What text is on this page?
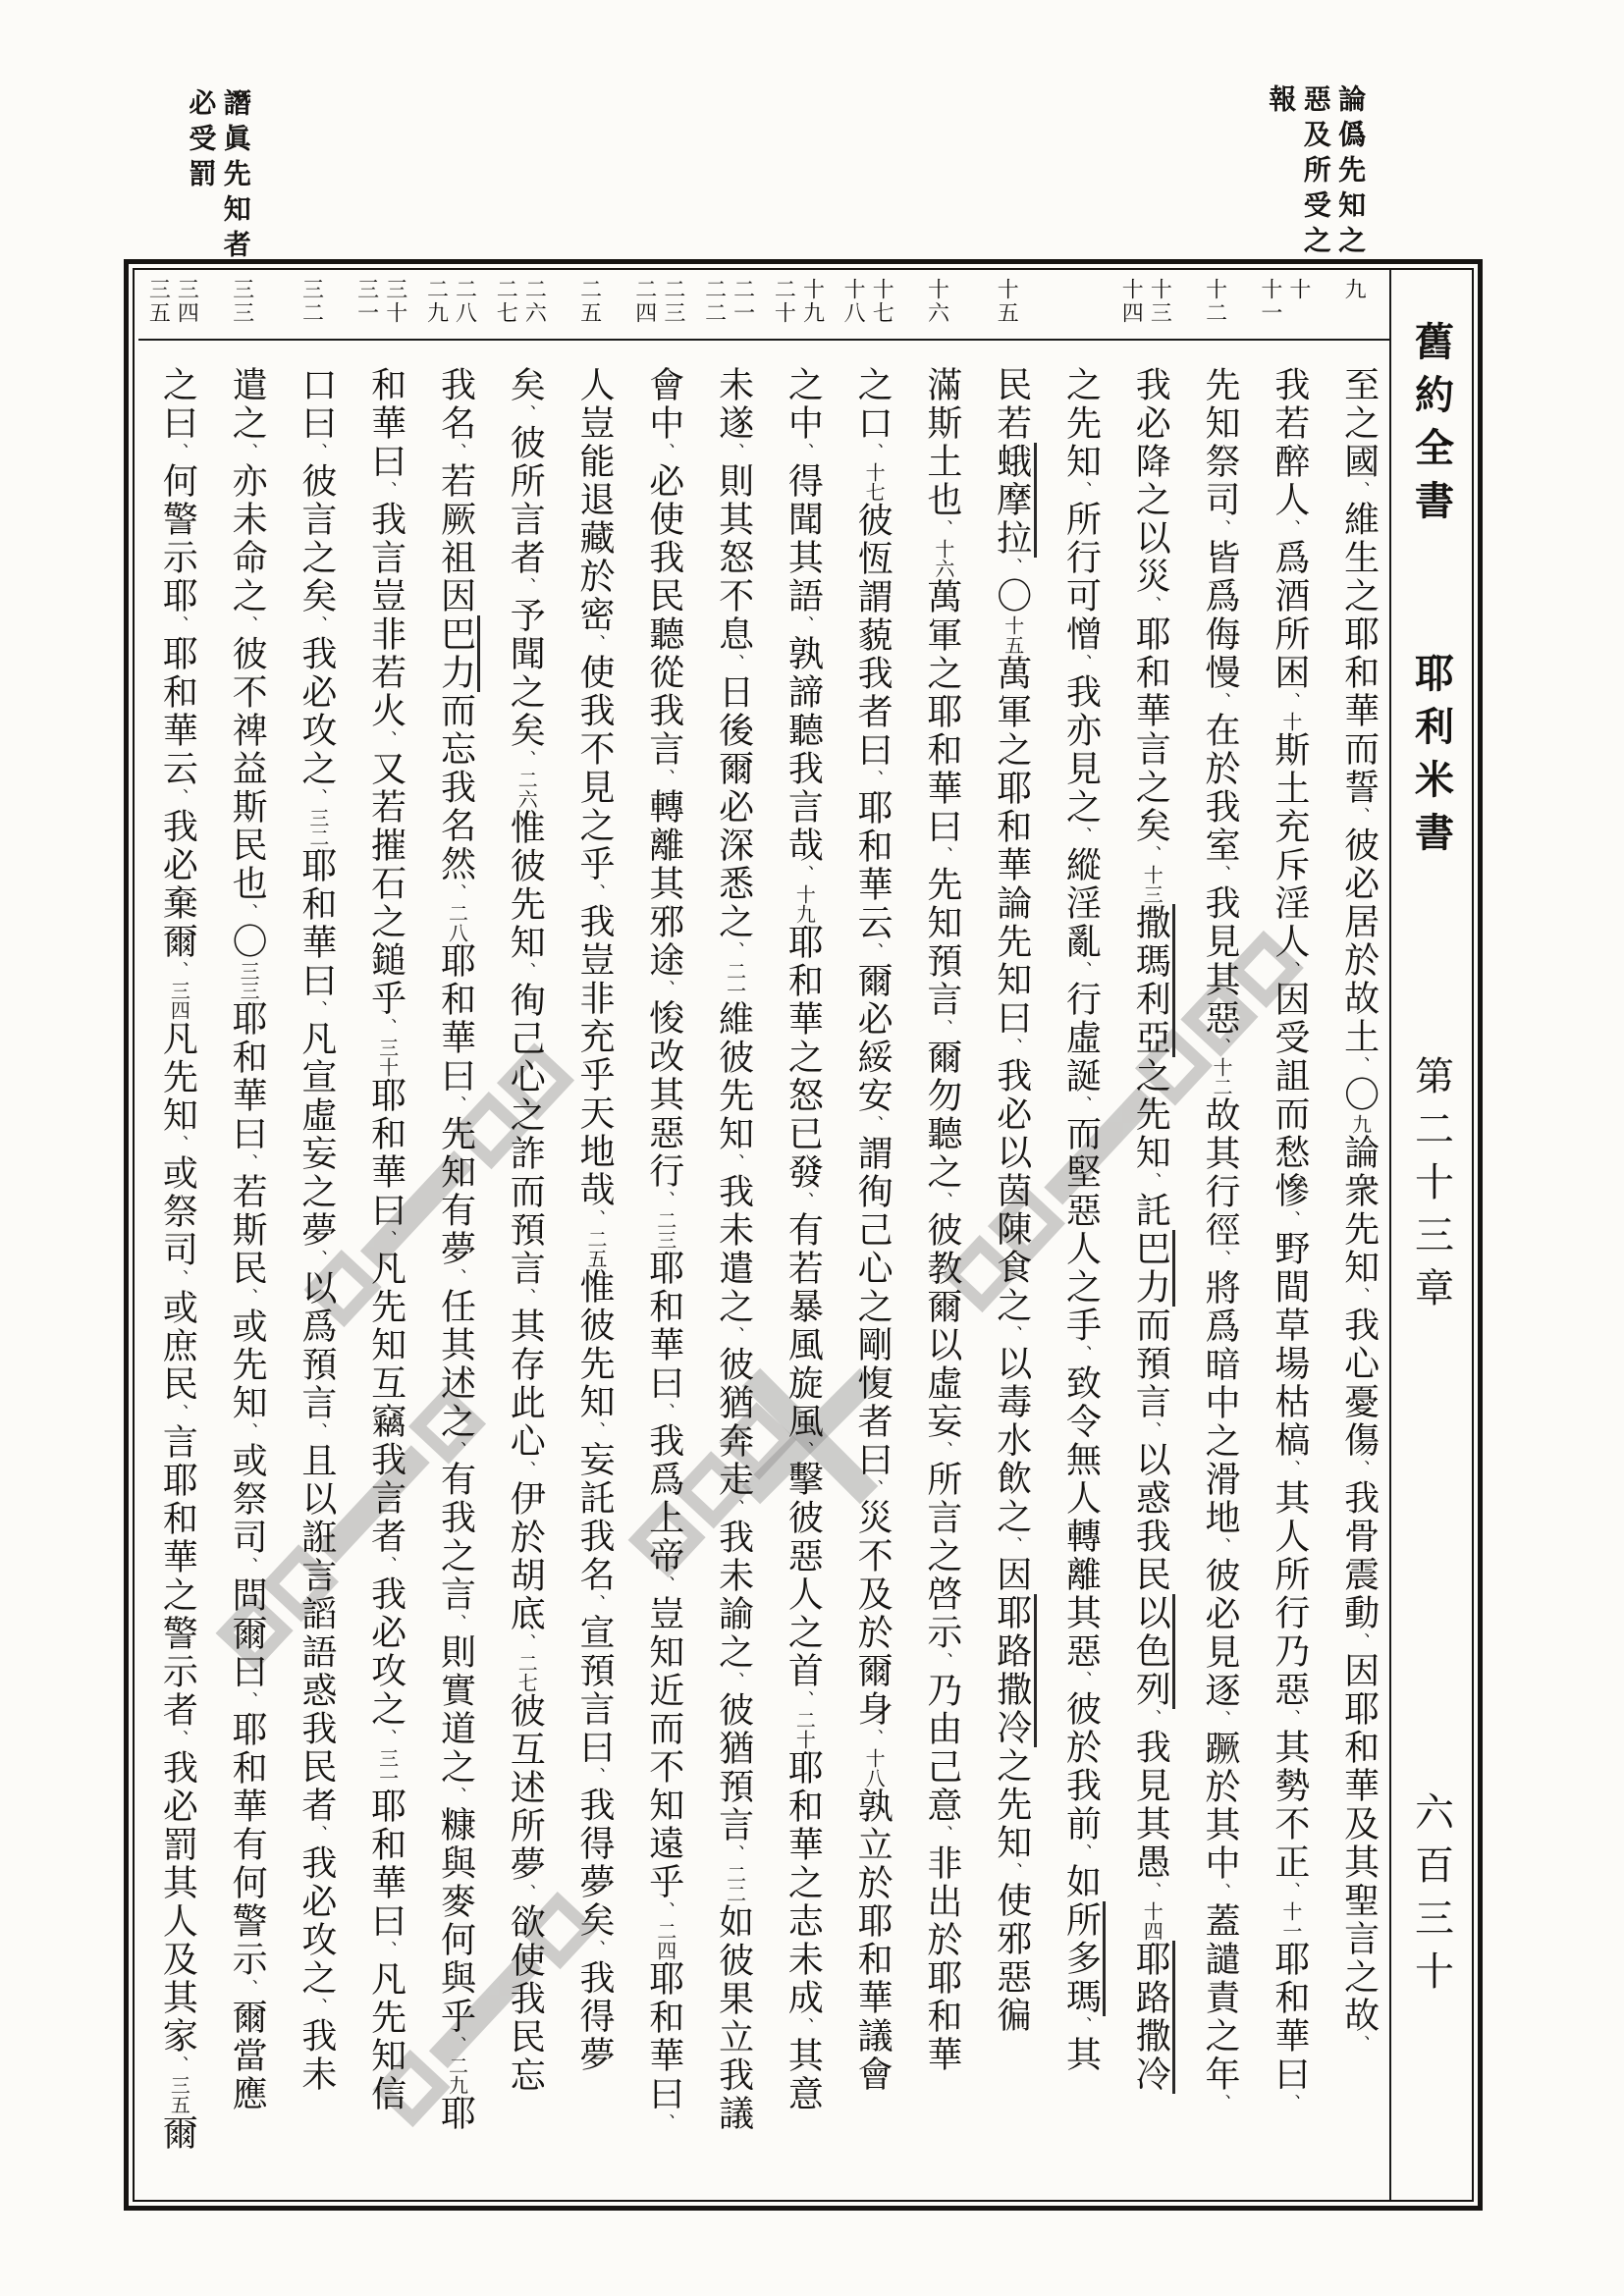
論僞先知之
惡及所受之
報
譖眞先知者
必受罰
九
至之國、維生之耶和華而誓、彼必居於故土、〇九論衆先知、我心憂傷、我骨震動、因耶和華及其聖言之故、
十
十一
我若醉人、爲酒所困、十斯土充斥淫人、因受詛而愁慘、野間草場枯槁、其人所行乃惡、其勢不正、十一耶和華曰、
十二
先知祭司、皆爲侮慢、在於我室、我見其惡、十二故其行徑、將爲暗中之滑地、彼必見逐、蹶於其中、蓋譴責之年、
十三
十四
我必降之以災、耶和華言之矣、十三撒瑪利亞之先知、託巴力而預言、以惑我民以色列、我見其愚、十四耶路撒冷
之先知、所行可憎、我亦見之、縱淫亂、行虛誕、而堅惡人之手、致令無人轉離其惡、彼於我前、如所多瑪、其
十五
民若蛾摩拉、〇十五萬軍之耶和華論先知曰、我必以茵陳食之、以毒水飲之、因耶路撒冷之先知、使邪惡徧
十六
滿斯土也、十六萬軍之耶和華曰、先知預言、爾勿聽之、彼教爾以虛妄、所言之啓示、乃由己意、非出於耶和華
十七
十八
之口、十七彼恆謂藐我者曰、耶和華云、爾必綏安、謂徇己心之剛愎者曰、災不及於爾身、十八孰立於耶和華議會
十九
二十
之中、得聞其語、孰諦聽我言哉、十九耶和華之怒已發、有若暴風旋風、擊彼惡人之首、二十耶和華之志未成、其意
二一
二二
未遂、則其怒不息、日後爾必深悉之、二一維彼先知、我未遣之、彼猶奔走、我未諭之、彼猶預言、二二如彼果立我議
二三
二四
會中、必使我民聽從我言、轉離其邪途、悛改其惡行、二三耶和華曰、我爲上帝、豈知近而不知遠乎、二四耶和華曰、
二五
人豈能退藏於密、使我不見之乎、我豈非充乎天地哉、二五惟彼先知、妄託我名、宣預言曰、我得夢矣、我得夢
二六
二七
矣、彼所言者、予聞之矣、二六惟彼先知、徇己心之詐而預言、其存此心、伊於胡底、二七彼互述所夢、欲使我民忘
二八
二九
我名、若厥祖因巴力而忘我名然、二八耶和華曰、先知有夢、任其述之、有我之言、則實道之、糠與麥何與乎、二九耶
三十
三一
和華曰、我言豈非若火、又若摧石之鎚乎、三十耶和華曰、凡先知互竊我言者、我必攻之、三一耶和華曰、凡先知信
三二
口曰、彼言之矣、我必攻之、三二耶和華曰、凡宣虛妄之夢、以爲預言、且以誑言謟語惑我民者、我必攻之、我未
三三
遣之、亦未命之、彼不禆益斯民也、〇三三耶和華曰、若斯民、或先知、或祭司、問爾曰、耶和華有何警示、爾當應
三四
三五
之曰、何警示耶、耶和華云、我必棄爾、三四凡先知、或祭司、或庶民、言耶和華之警示者、我必罰其人及其家、三五爾
舊約全書
耶利米書
第二十三章
六百三十
